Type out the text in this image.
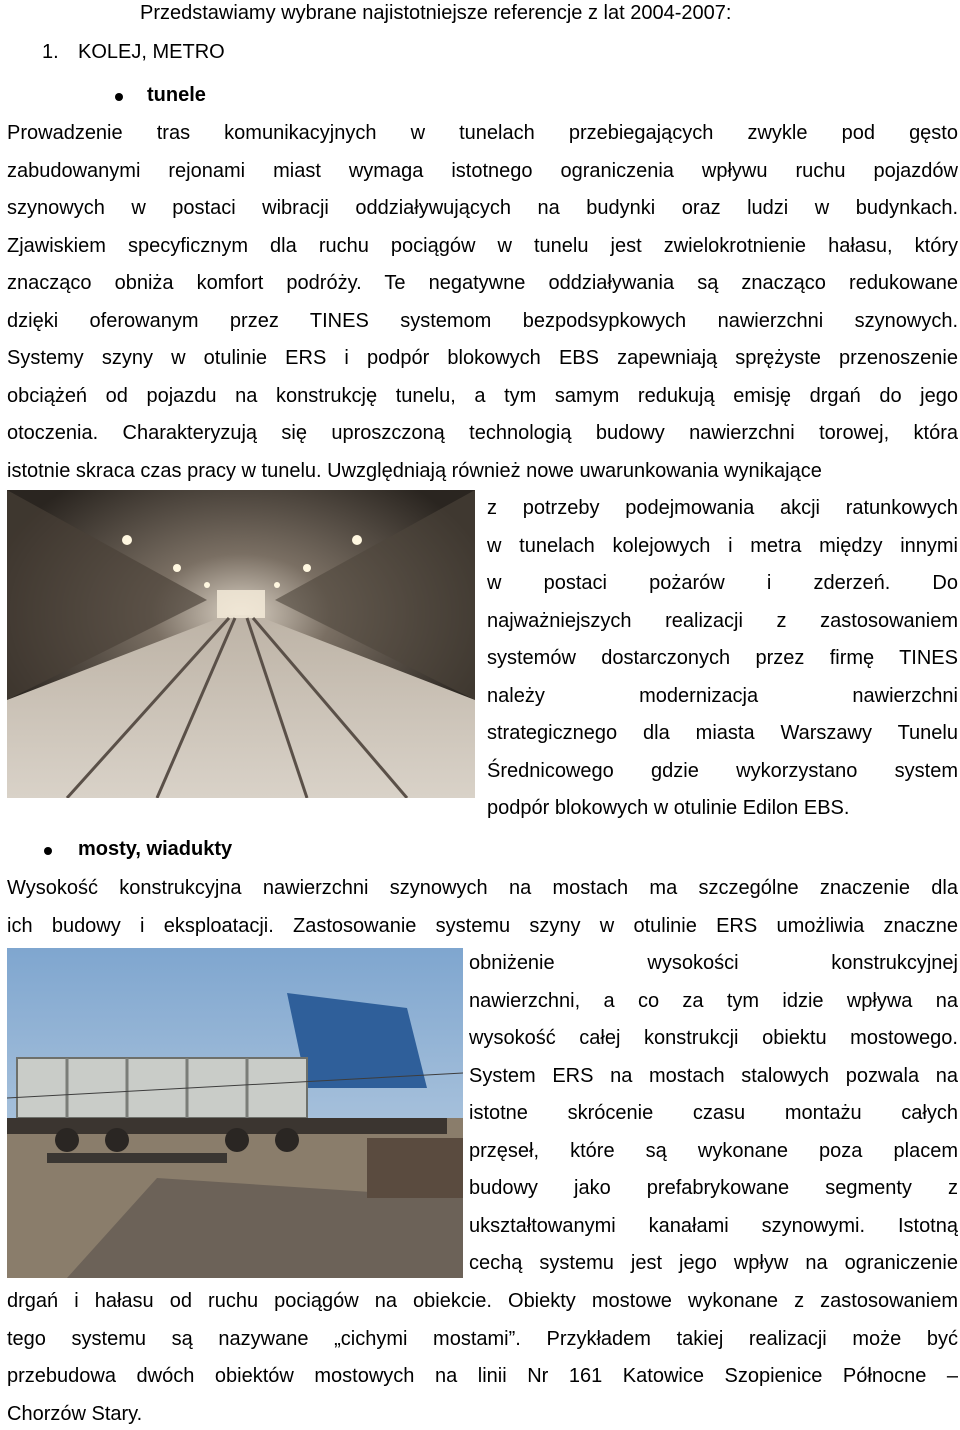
Przedstawiamy wybrane najistotniejsze referencje z lat 2004-2007:
1. KOLEJ, METRO
tunele
Prowadzenie tras komunikacyjnych w tunelach przebiegających zwykle pod gęsto
zabudowanymi rejonami miast wymaga istotnego ograniczenia wpływu ruchu pojazdów
szynowych w postaci wibracji oddziaływujących na budynki oraz ludzi w budynkach.
Zjawiskiem specyficznym dla ruchu pociągów w tunelu jest zwielokrotnienie hałasu, który
znacząco obniża komfort podróży. Te negatywne oddziaływania są znacząco redukowane
dzięki oferowanym przez TINES systemom bezpodsypkowych nawierzchni szynowych.
Systemy szyny w otulinie ERS i podpór blokowych EBS zapewniają sprężyste przenoszenie
obciążeń od pojazdu na konstrukcję tunelu, a tym samym redukują emisję drgań do jego
otoczenia. Charakteryzują się uproszczoną technologią budowy nawierzchni torowej, która
istotnie skraca czas pracy w tunelu. Uwzględniają również nowe uwarunkowania wynikające
z potrzeby podejmowania akcji ratunkowych
w tunelach kolejowych i metra między innymi
w postaci pożarów i zderzeń. Do
najważniejszych realizacji z zastosowaniem
systemów dostarczonych przez firmę TINES
należy modernizacja nawierzchni
strategicznego dla miasta Warszawy Tunelu
Średnicowego gdzie wykorzystano system
podpór blokowych w otulinie Edilon EBS.
mosty, wiadukty
Wysokość konstrukcyjna nawierzchni szynowych na mostach ma szczególne znaczenie dla
ich budowy i eksploatacji. Zastosowanie systemu szyny w otulinie ERS umożliwia znaczne
obniżenie wysokości konstrukcyjnej
nawierzchni, a co za tym idzie wpływa na
wysokość całej konstrukcji obiektu mostowego.
System ERS na mostach stalowych pozwala na
istotne skrócenie czasu montażu całych
przęseł, które są wykonane poza placem
budowy jako prefabrykowane segmenty z
ukształtowanymi kanałami szynowymi. Istotną
cechą systemu jest jego wpływ na ograniczenie
drgań i hałasu od ruchu pociągów na obiekcie. Obiekty mostowe wykonane z zastosowaniem
tego systemu są nazywane „cichymi mostami”. Przykładem takiej realizacji może być
przebudowa dwóch obiektów mostowych na linii Nr 161 Katowice Szopienice Północne –
Chorzów Stary.
